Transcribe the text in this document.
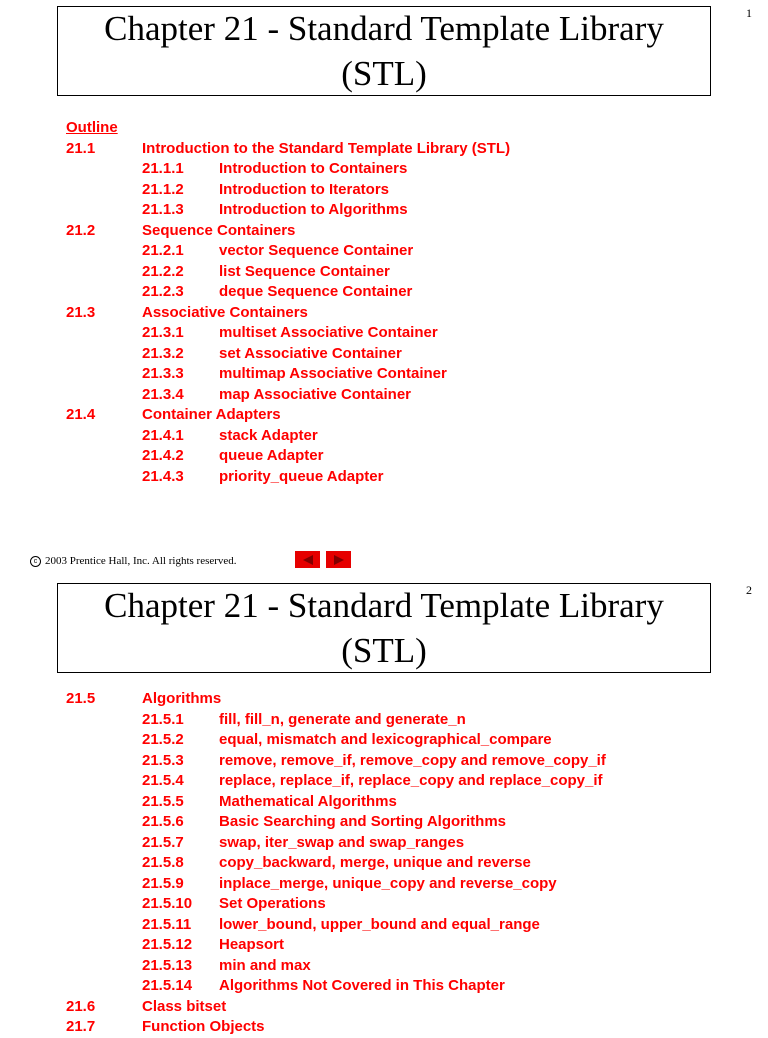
Chapter 21 - Standard Template Library
(STL)
1
Outline
21.1	Introduction to the Standard Template Library (STL)
21.1.1 Introduction to Containers
21.1.2 Introduction to Iterators
21.1.3 Introduction to Algorithms
21.2	Sequence Containers
21.2.1 vector Sequence Container
21.2.2 list Sequence Container
21.2.3 deque Sequence Container
21.3	Associative Containers
21.3.1 multiset Associative Container
21.3.2 set Associative Container
21.3.3 multimap Associative Container
21.3.4 map Associative Container
21.4	Container Adapters
21.4.1 stack Adapter
21.4.2 queue Adapter
21.4.3 priority_queue Adapter
c 2003 Prentice Hall, Inc. All rights reserved.
Chapter 21 - Standard Template Library
(STL)
2
21.5	Algorithms
21.5.1 fill, fill_n, generate and generate_n
21.5.2 equal, mismatch and lexicographical_compare
21.5.3 remove, remove_if, remove_copy and remove_copy_if
21.5.4 replace, replace_if, replace_copy and replace_copy_if
21.5.5 Mathematical Algorithms
21.5.6 Basic Searching and Sorting Algorithms
21.5.7 swap, iter_swap and swap_ranges
21.5.8 copy_backward, merge, unique and reverse
21.5.9 inplace_merge, unique_copy and reverse_copy
21.5.10 Set Operations
21.5.11 lower_bound, upper_bound and equal_range
21.5.12 Heapsort
21.5.13 min and max
21.5.14 Algorithms Not Covered in This Chapter
21.6	Class bitset
21.7	Function Objects
